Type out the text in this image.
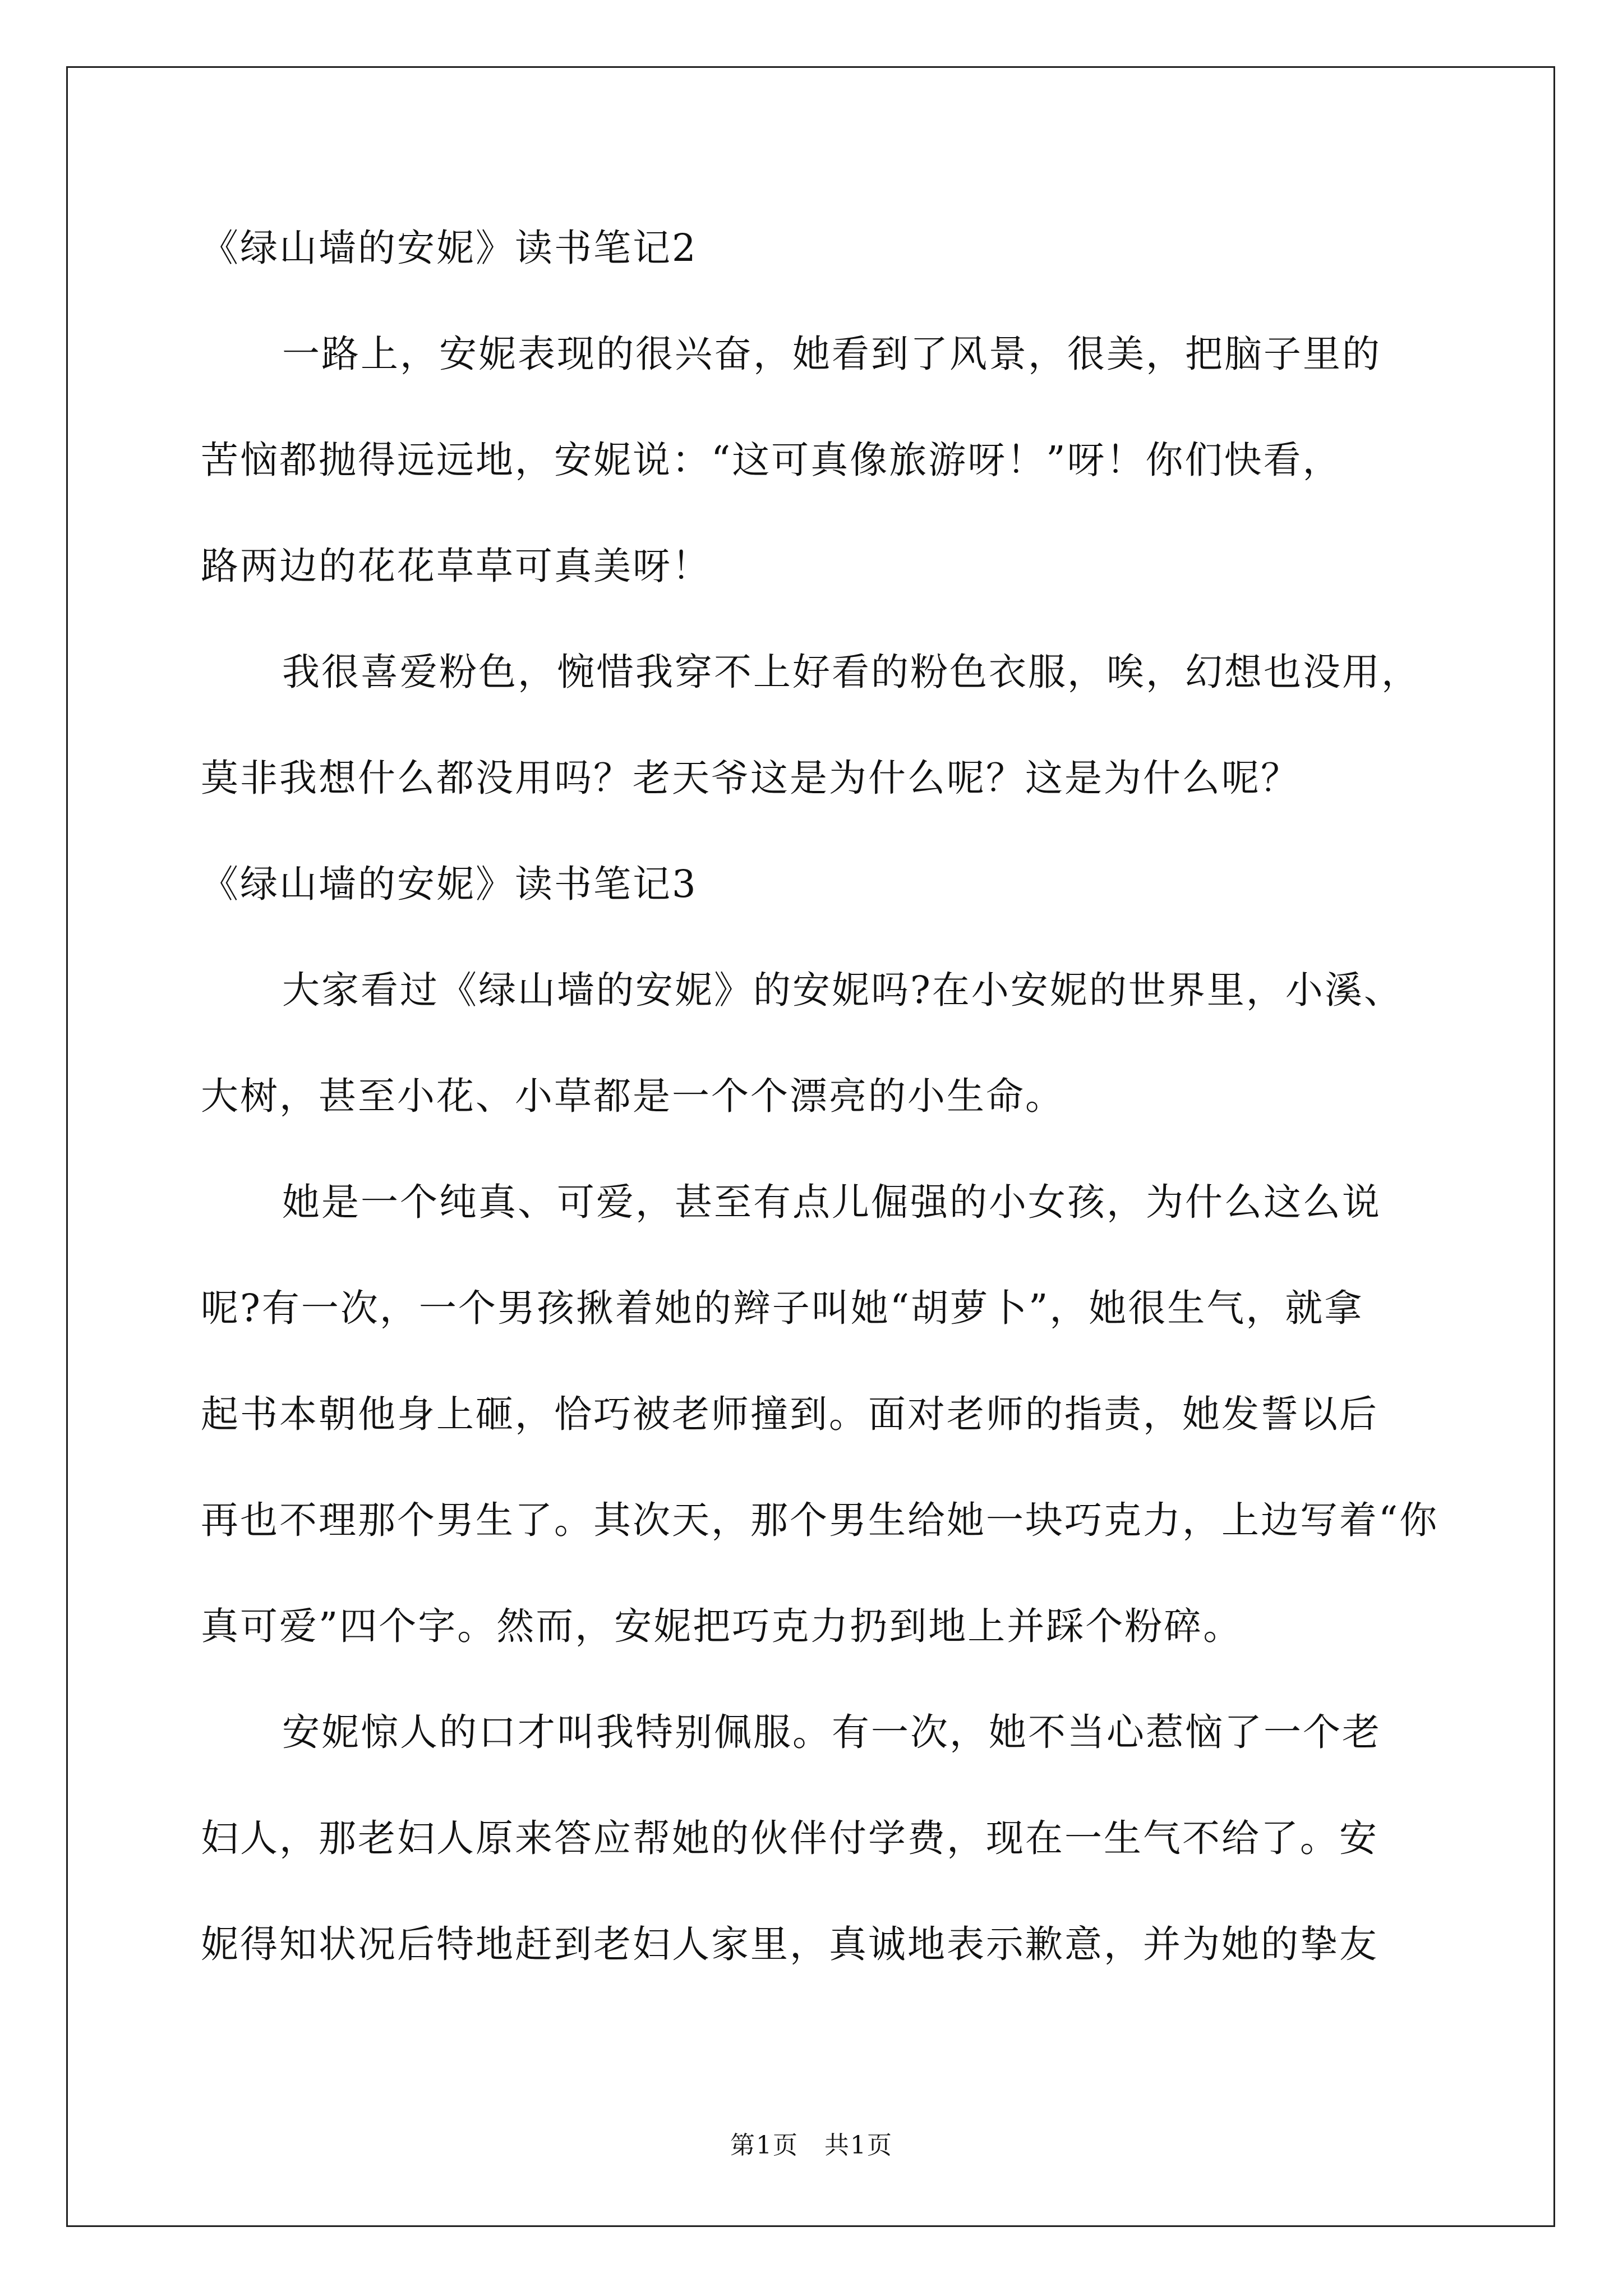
《绿山墙的安妮》读书笔记2
一路上，安妮表现的很兴奋，她看到了风景，很美，把脑子里的
苦恼都抛得远远地，安妮说：“这可真像旅游呀！”呀！你们快看，
路两边的花花草草可真美呀！
我很喜爱粉色，惋惜我穿不上好看的粉色衣服，唉，幻想也没用，
莫非我想什么都没用吗？老天爷这是为什么呢？这是为什么呢？
《绿山墙的安妮》读书笔记3
大家看过《绿山墙的安妮》的安妮吗?在小安妮的世界里，小溪、
大树，甚至小花、小草都是一个个漂亮的小生命。
她是一个纯真、可爱，甚至有点儿倔强的小女孩，为什么这么说
呢?有一次，一个男孩揪着她的辫子叫她“胡萝卜”，她很生气，就拿
起书本朝他身上砸，恰巧被老师撞到。面对老师的指责，她发誓以后
再也不理那个男生了。其次天，那个男生给她一块巧克力，上边写着“你
真可爱”四个字。然而，安妮把巧克力扔到地上并踩个粉碎。
安妮惊人的口才叫我特别佩服。有一次，她不当心惹恼了一个老
妇人，那老妇人原来答应帮她的伙伴付学费，现在一生气不给了。安
妮得知状况后特地赶到老妇人家里，真诚地表示歉意，并为她的挚友
第1页　共1页
